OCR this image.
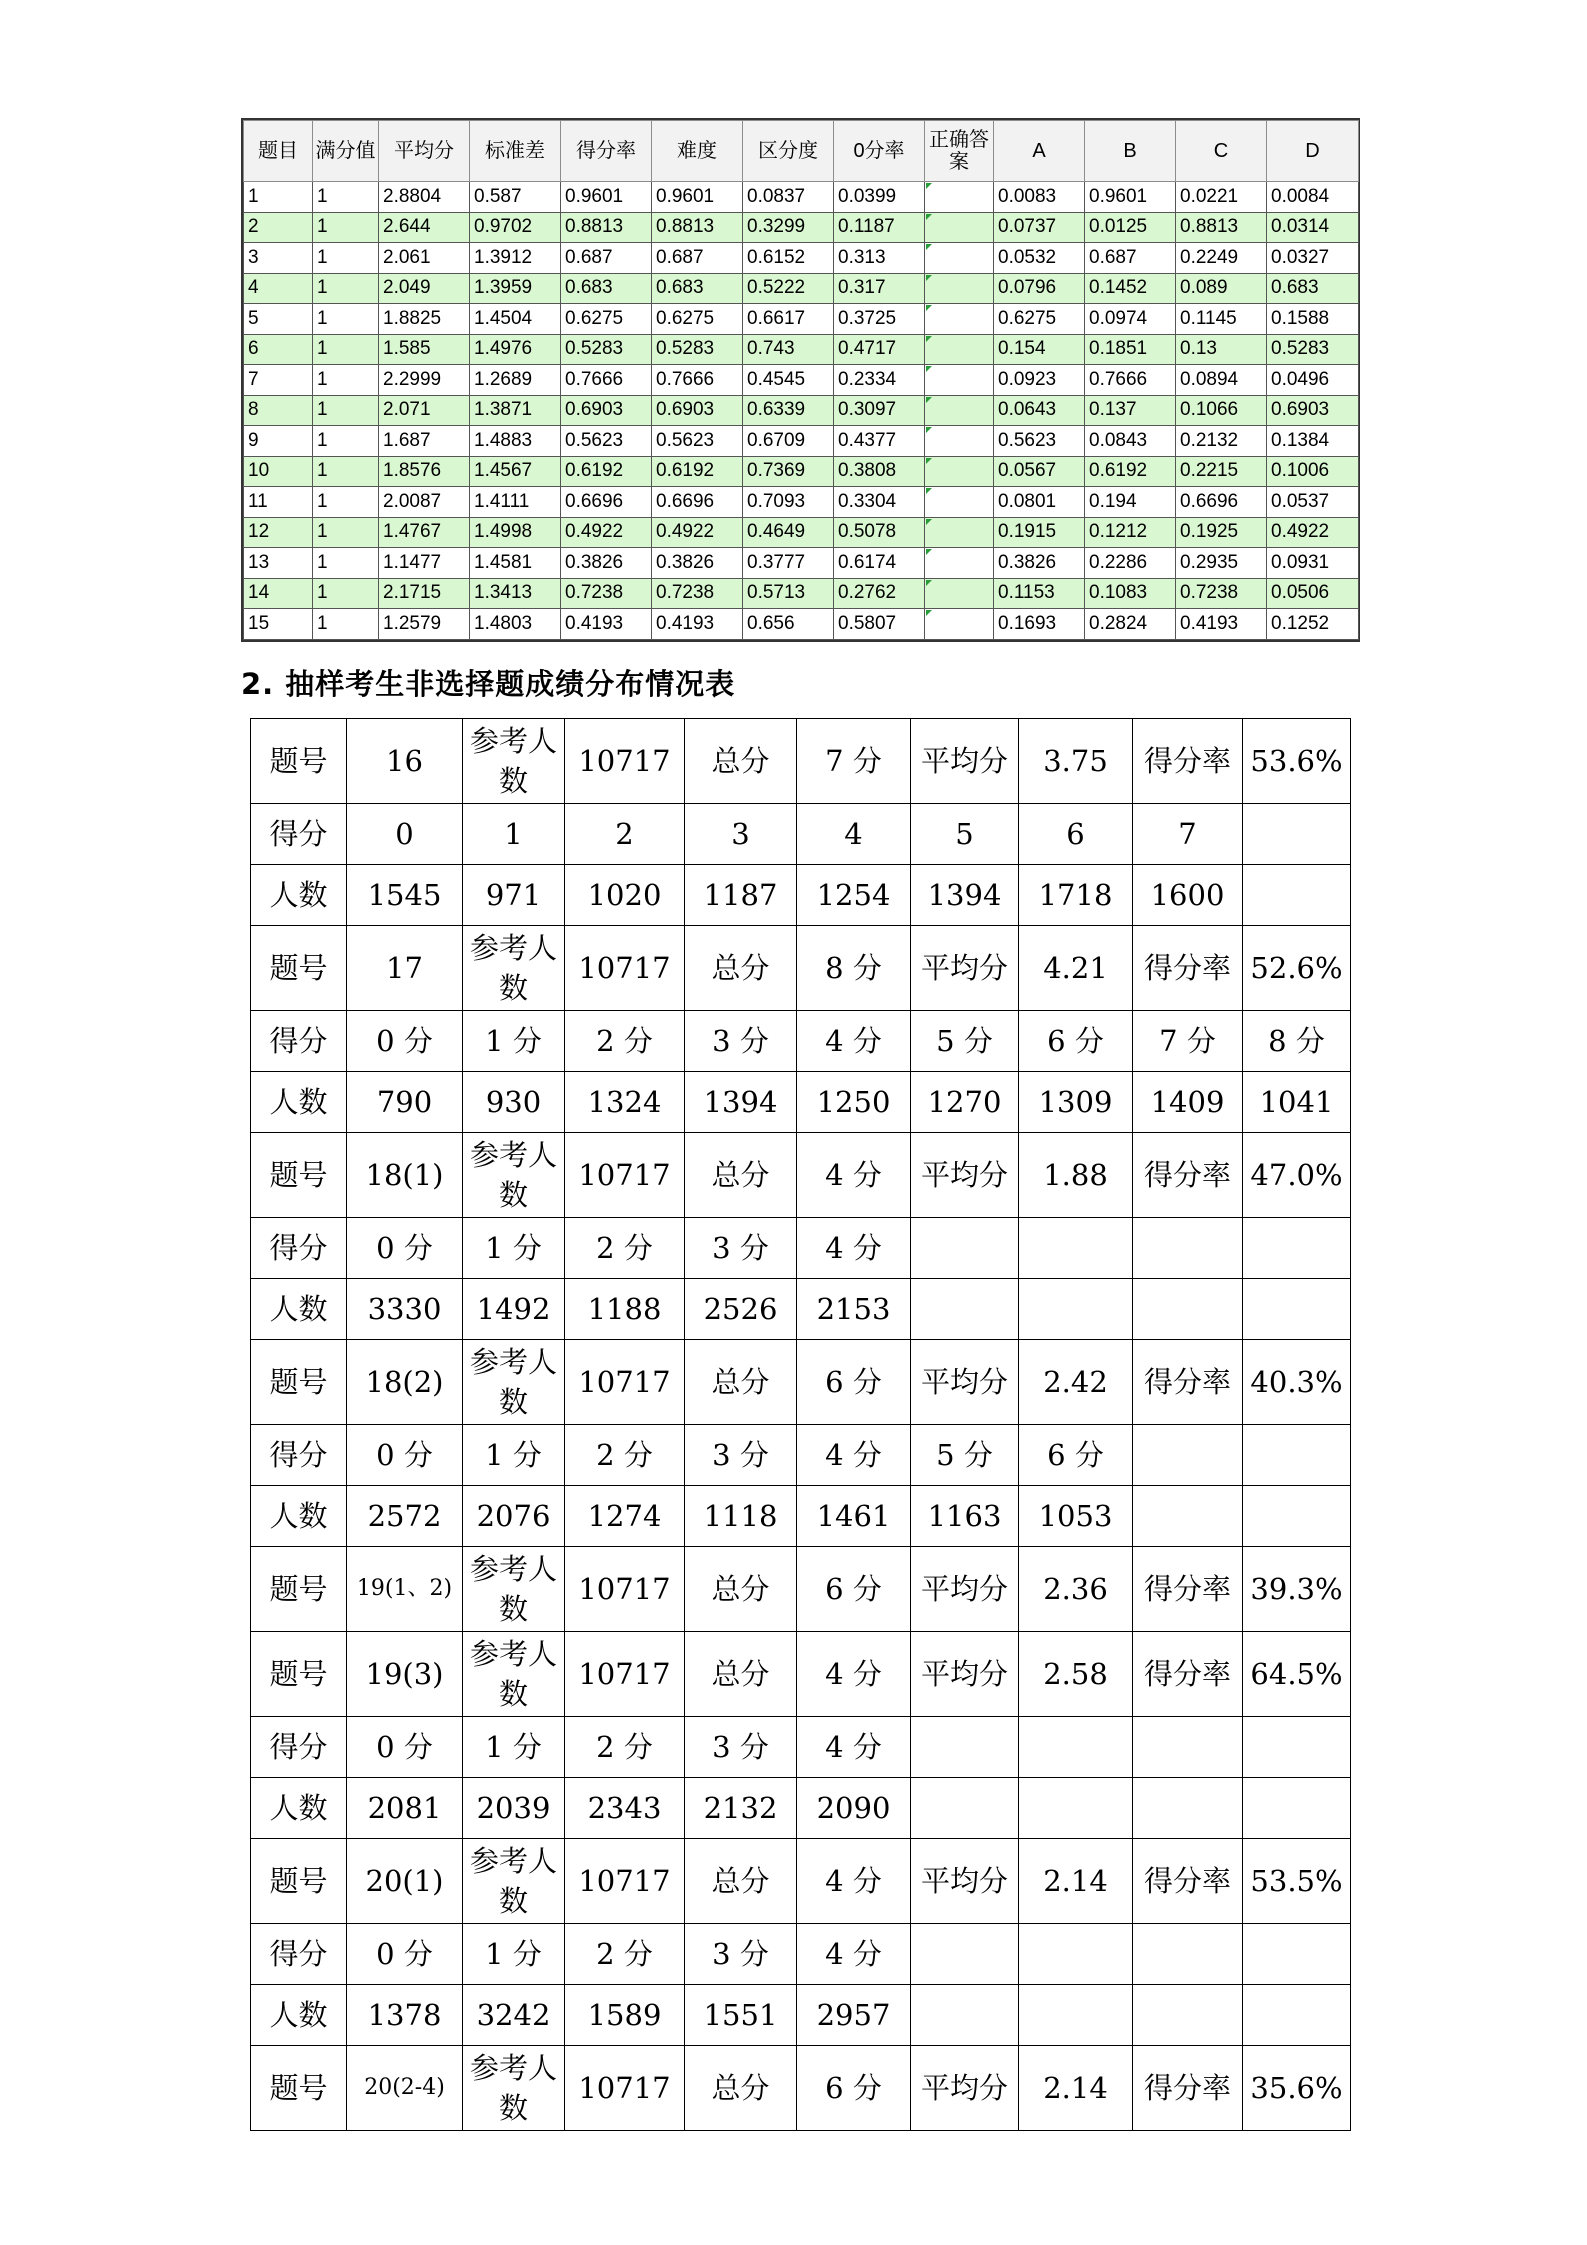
题目	满分值	平均分	标准差	得分率	难度	区分度	0分率	正确答案	A	B	C	D
1	1	2.8804	0.587	0.9601	0.9601	0.0837	0.0399		0.0083	0.9601	0.0221	0.0084
2	1	2.644	0.9702	0.8813	0.8813	0.3299	0.1187		0.0737	0.0125	0.8813	0.0314
3	1	2.061	1.3912	0.687	0.687	0.6152	0.313		0.0532	0.687	0.2249	0.0327
4	1	2.049	1.3959	0.683	0.683	0.5222	0.317		0.0796	0.1452	0.089	0.683
5	1	1.8825	1.4504	0.6275	0.6275	0.6617	0.3725		0.6275	0.0974	0.1145	0.1588
6	1	1.585	1.4976	0.5283	0.5283	0.743	0.4717		0.154	0.1851	0.13	0.5283
7	1	2.2999	1.2689	0.7666	0.7666	0.4545	0.2334		0.0923	0.7666	0.0894	0.0496
8	1	2.071	1.3871	0.6903	0.6903	0.6339	0.3097		0.0643	0.137	0.1066	0.6903
9	1	1.687	1.4883	0.5623	0.5623	0.6709	0.4377		0.5623	0.0843	0.2132	0.1384
10	1	1.8576	1.4567	0.6192	0.6192	0.7369	0.3808		0.0567	0.6192	0.2215	0.1006
11	1	2.0087	1.4111	0.6696	0.6696	0.7093	0.3304		0.0801	0.194	0.6696	0.0537
12	1	1.4767	1.4998	0.4922	0.4922	0.4649	0.5078		0.1915	0.1212	0.1925	0.4922
13	1	1.1477	1.4581	0.3826	0.3826	0.3777	0.6174		0.3826	0.2286	0.2935	0.0931
14	1	2.1715	1.3413	0.7238	0.7238	0.5713	0.2762		0.1153	0.1083	0.7238	0.0506
15	1	1.2579	1.4803	0.4193	0.4193	0.656	0.5807		0.1693	0.2824	0.4193	0.1252
2. 抽样考生非选择题成绩分布情况表
题号	16	参考人数	10717	总分	7 分	平均分	3.75	得分率	53.6%
得分	0	1	2	3	4	5	6	7	
人数	1545	971	1020	1187	1254	1394	1718	1600	
题号	17	参考人数	10717	总分	8 分	平均分	4.21	得分率	52.6%
得分	0 分	1 分	2 分	3 分	4 分	5 分	6 分	7 分	8 分
人数	790	930	1324	1394	1250	1270	1309	1409	1041
题号	18(1)	参考人数	10717	总分	4 分	平均分	1.88	得分率	47.0%
得分	0 分	1 分	2 分	3 分	4 分				
人数	3330	1492	1188	2526	2153				
题号	18(2)	参考人数	10717	总分	6 分	平均分	2.42	得分率	40.3%
得分	0 分	1 分	2 分	3 分	4 分	5 分	6 分		
人数	2572	2076	1274	1118	1461	1163	1053		
题号	19(1、2)	参考人数	10717	总分	6 分	平均分	2.36	得分率	39.3%
题号	19(3)	参考人数	10717	总分	4 分	平均分	2.58	得分率	64.5%
得分	0 分	1 分	2 分	3 分	4 分				
人数	2081	2039	2343	2132	2090				
题号	20(1)	参考人数	10717	总分	4 分	平均分	2.14	得分率	53.5%
得分	0 分	1 分	2 分	3 分	4 分				
人数	1378	3242	1589	1551	2957				
题号	20(2-4)	参考人数	10717	总分	6 分	平均分	2.14	得分率	35.6%
